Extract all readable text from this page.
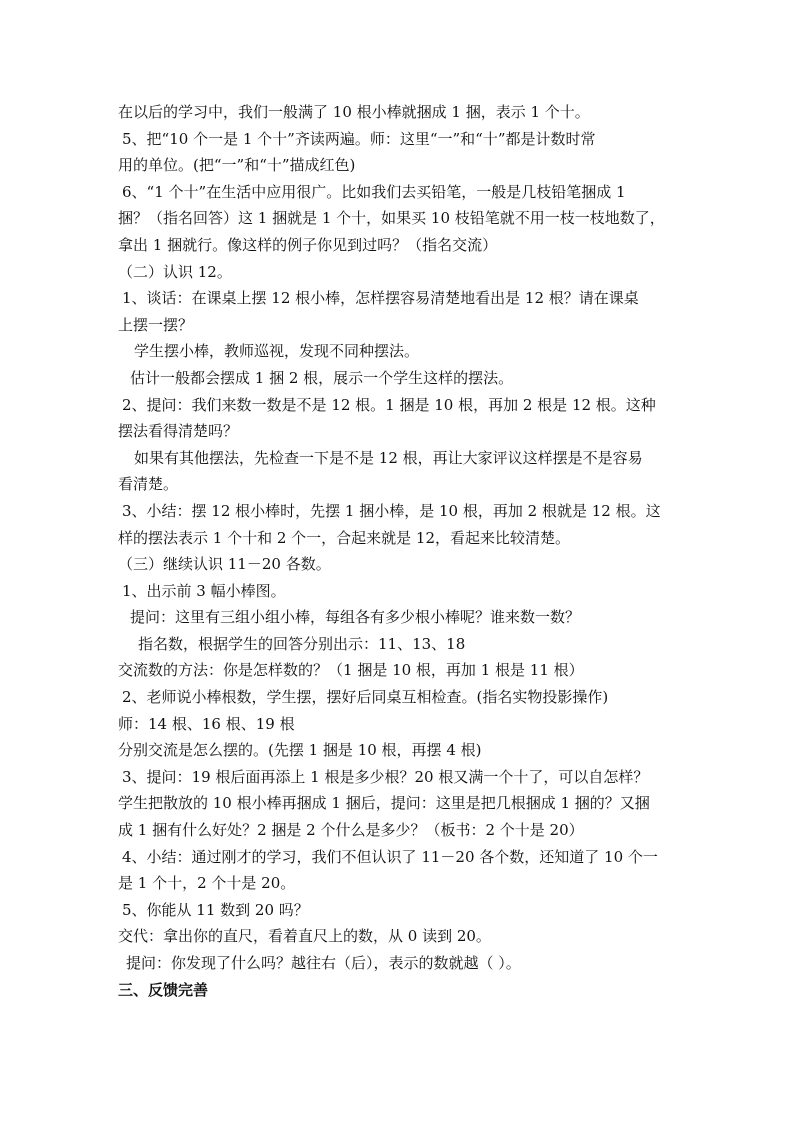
在以后的学习中，我们一般满了 10 根小棒就捆成 1 捆，表示 1 个十。
5、把“10 个一是 1 个十”齐读两遍。师：这里“一”和“十”都是计数时常
用的单位。(把“一”和“十”描成红色)
6、“1 个十”在生活中应用很广。比如我们去买铅笔，一般是几枝铅笔捆成 1
捆？（指名回答）这 1 捆就是 1 个十，如果买 10 枝铅笔就不用一枝一枝地数了，
拿出 1 捆就行。像这样的例子你见到过吗？（指名交流）
（二）认识 12。
1、谈话：在课桌上摆 12 根小棒，怎样摆容易清楚地看出是 12 根？请在课桌
上摆一摆？
学生摆小棒，教师巡视，发现不同种摆法。
估计一般都会摆成 1 捆 2 根，展示一个学生这样的摆法。
2、提问：我们来数一数是不是 12 根。1 捆是 10 根，再加 2 根是 12 根。这种
摆法看得清楚吗？
如果有其他摆法，先检查一下是不是 12 根，再让大家评议这样摆是不是容易
看清楚。
3、小结：摆 12 根小棒时，先摆 1 捆小棒，是 10 根，再加 2 根就是 12 根。这
样的摆法表示 1 个十和 2 个一，合起来就是 12，看起来比较清楚。
（三）继续认识 11－20 各数。
1、出示前 3 幅小棒图。
提问：这里有三组小组小棒，每组各有多少根小棒呢？谁来数一数？
指名数，根据学生的回答分别出示：11、13、18
交流数的方法：你是怎样数的？（1 捆是 10 根，再加 1 根是 11 根）
2、老师说小棒根数，学生摆，摆好后同桌互相检查。(指名实物投影操作)
师：14 根、16 根、19 根
分别交流是怎么摆的。(先摆 1 捆是 10 根，再摆 4 根)
3、提问：19 根后面再添上 1 根是多少根？20 根又满一个十了，可以自怎样？
学生把散放的 10 根小棒再捆成 1 捆后，提问：这里是把几根捆成 1 捆的？又捆
成 1 捆有什么好处？2 捆是 2 个什么是多少？（板书：2 个十是 20）
4、小结：通过刚才的学习，我们不但认识了 11－20 各个数，还知道了 10 个一
是 1 个十，2 个十是 20。
5、你能从 11 数到 20 吗？
交代：拿出你的直尺，看着直尺上的数，从 0 读到 20。
提问：你发现了什么吗？越往右（后），表示的数就越（ ）。
三、反馈完善
